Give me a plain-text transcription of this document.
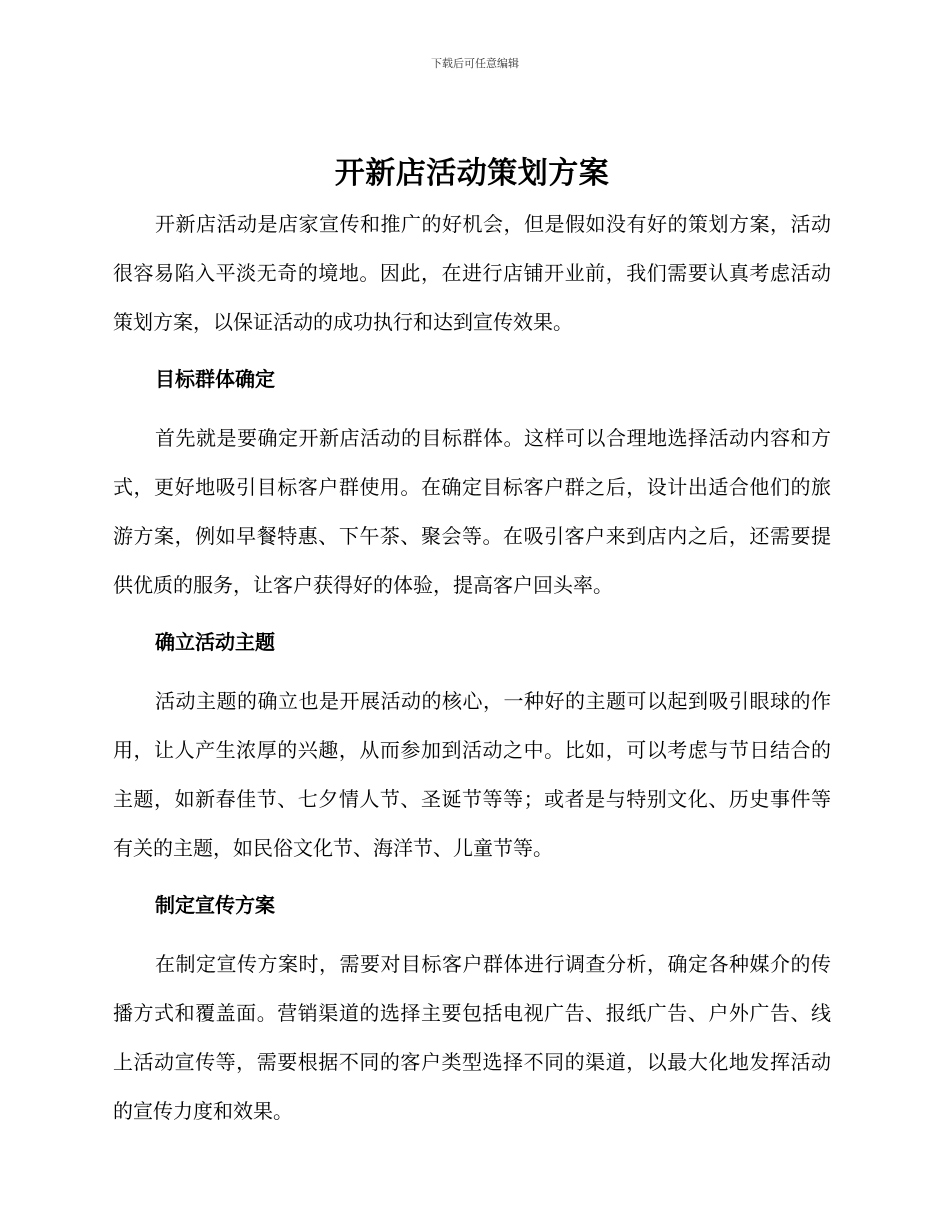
下载后可任意编辑
开新店活动策划方案

开新店活动是店家宣传和推广的好机会，但是假如没有好的策划方案，活动很容易陷入平淡无奇的境地。因此，在进行店铺开业前，我们需要认真考虑活动策划方案，以保证活动的成功执行和达到宣传效果。

目标群体确定

首先就是要确定开新店活动的目标群体。这样可以合理地选择活动内容和方式，更好地吸引目标客户群使用。在确定目标客户群之后，设计出适合他们的旅游方案，例如早餐特惠、下午茶、聚会等。在吸引客户来到店内之后，还需要提供优质的服务，让客户获得好的体验，提高客户回头率。

确立活动主题

活动主题的确立也是开展活动的核心，一种好的主题可以起到吸引眼球的作用，让人产生浓厚的兴趣，从而参加到活动之中。比如，可以考虑与节日结合的主题，如新春佳节、七夕情人节、圣诞节等等；或者是与特别文化、历史事件等有关的主题，如民俗文化节、海洋节、儿童节等。

制定宣传方案

在制定宣传方案时，需要对目标客户群体进行调查分析，确定各种媒介的传播方式和覆盖面。营销渠道的选择主要包括电视广告、报纸广告、户外广告、线上活动宣传等，需要根据不同的客户类型选择不同的渠道，以最大化地发挥活动的宣传力度和效果。
